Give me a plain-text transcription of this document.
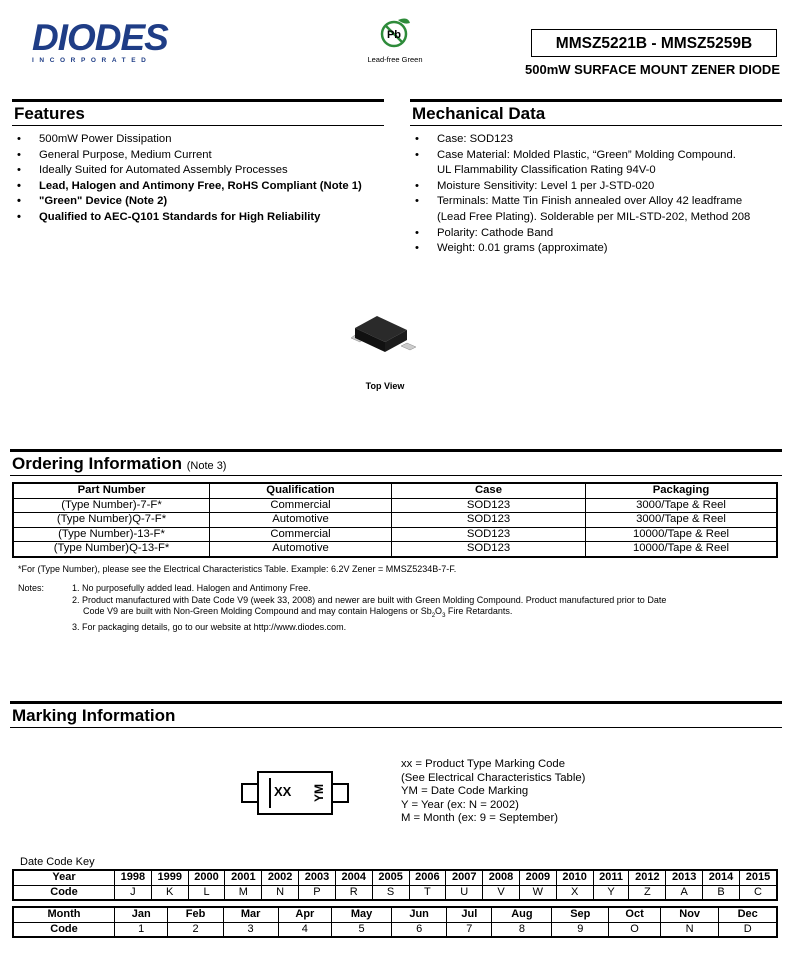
DIODES
INCORPORATED
Pb
Lead-free Green
MMSZ5221B - MMSZ5259B
500mW SURFACE MOUNT ZENER DIODE
Features
• 500mW Power Dissipation
• General Purpose, Medium Current
• Ideally Suited for Automated Assembly Processes
• Lead, Halogen and Antimony Free, RoHS Compliant (Note 1)
• "Green" Device (Note 2)
• Qualified to AEC-Q101 Standards for High Reliability
Mechanical Data
• Case: SOD123
• Case Material: Molded Plastic, “Green” Molding Compound.
UL Flammability Classification Rating 94V-0
• Moisture Sensitivity: Level 1 per J-STD-020
• Terminals: Matte Tin Finish annealed over Alloy 42 leadframe
(Lead Free Plating). Solderable per MIL-STD-202, Method 208
• Polarity: Cathode Band
• Weight: 0.01 grams (approximate)
Top View
Ordering Information (Note 3)
Part Number	Qualification	Case	Packaging
(Type Number)-7-F*	Commercial	SOD123	3000/Tape & Reel
(Type Number)Q-7-F*	Automotive	SOD123	3000/Tape & Reel
(Type Number)-13-F*	Commercial	SOD123	10000/Tape & Reel
(Type Number)Q-13-F*	Automotive	SOD123	10000/Tape & Reel
*For (Type Number), please see the Electrical Characteristics Table. Example: 6.2V Zener = MMSZ5234B-7-F.
Notes:	1. No purposefully added lead. Halogen and Antimony Free.
2. Product manufactured with Date Code V9 (week 33, 2008) and newer are built with Green Molding Compound. Product manufactured prior to Date
Code V9 are built with Non-Green Molding Compound and may contain Halogens or $Sb_2O_3$ Fire Retardants.
3. For packaging details, go to our website at http://www.diodes.com.
Marking Information
XX YM
xx = Product Type Marking Code
(See Electrical Characteristics Table)
YM = Date Code Marking
Y = Year (ex: N = 2002)
M = Month (ex: 9 = September)
Date Code Key
Year	1998	1999	2000	2001	2002	2003	2004	2005	2006	2007	2008	2009	2010	2011	2012	2013	2014	2015
Code	J	K	L	M	N	P	R	S	T	U	V	W	X	Y	Z	A	B	C
Month	Jan	Feb	Mar	Apr	May	Jun	Jul	Aug	Sep	Oct	Nov	Dec
Code	1	2	3	4	5	6	7	8	9	O	N	D
